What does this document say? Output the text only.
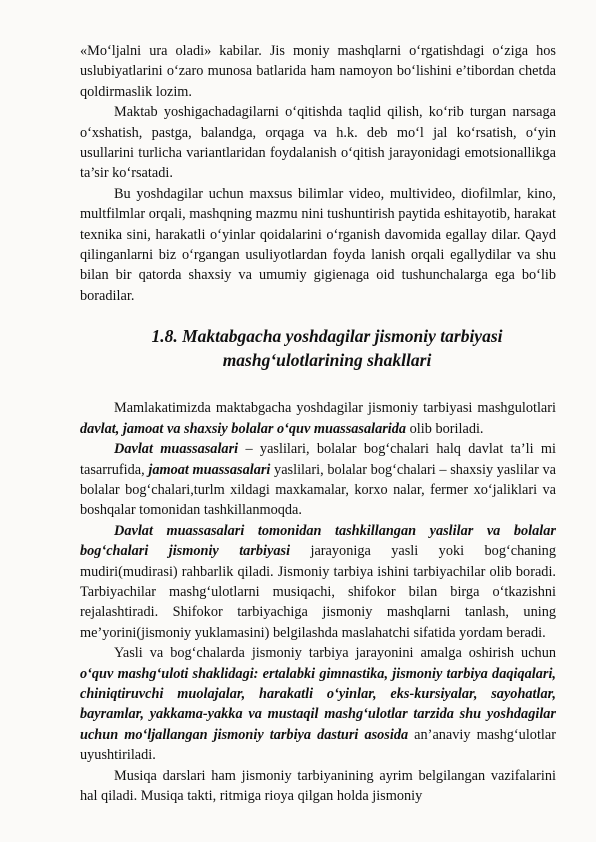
«Mo‘ljalni ura oladi» kabilar. Jis moniy mashqlarni o‘rgatishdagi o‘ziga hos uslubiyatlarini o‘zaro munosa batlarida ham namoyon bo‘lishini e’tibordan chetda qoldirmaslik lozim.

Maktab yoshigachadagilarni o‘qitishda taqlid qilish, ko‘rib turgan narsaga o‘xshatish, pastga, balandga, orqaga va h.k. deb mo‘l jal ko‘rsatish, o‘yin usullarini turlicha variantlaridan foydalanish o‘qitish jarayonidagi emotsionallikga ta’sir ko‘rsatadi.

Bu yoshdagilar uchun maxsus bilimlar video, multivideo, diofilmlar, kino, multfilmlar orqali, mashqning mazmu nini tushuntirish paytida eshitayotib, harakat texnika sini, harakatli o‘yinlar qoidalarini o‘rganish davomida egallay dilar. Qayd qilinganlarni biz o‘rgangan usuliyotlardan foyda lanish orqali egallydilar va shu bilan bir qatorda shaxsiy va umumiy gigienaga oid tushunchalarga ega bo‘lib boradilar.

1.8. Maktabgacha yoshdagilar jismoniy tarbiyasi
mashg‘ulotlarining shakllari

Mamlakatimizda maktabgacha yoshdagilar jismoniy tarbiyasi mashgulotlari davlat, jamoat va shaxsiy bolalar o‘quv muassasalarida olib boriladi.

Davlat muassasalari – yaslilari, bolalar bog‘chalari halq davlat ta’li mi tasarrufida, jamoat muassasalari yaslilari, bolalar bog‘chalari – shaxsiy yaslilar va bolalar bog‘chalari,turlm xildagi maxkamalar, korxo nalar, fermer xo‘jaliklari va boshqalar tomonidan tashkillanmoqda.

Davlat muassasalari tomonidan tashkillangan yaslilar va bolalar bog‘chalari jismoniy tarbiyasi jarayoniga yasli yoki bog‘chaning mudiri(mudirasi) rahbarlik qiladi. Jismoniy tarbiya ishini tarbiyachilar olib boradi. Tarbiyachilar mashg‘ulotlarni musiqachi, shifokor bilan birga o‘tkazishni rejalashtiradi. Shifokor tarbiyachiga jismoniy mashqlarni tanlash, uning me’yorini(jismoniy yuklamasini) belgilashda maslahatchi sifatida yordam beradi.

Yasli va bog‘chalarda jismoniy tarbiya jarayonini amalga oshirish uchun o‘quv mashg‘uloti shaklidagi: ertalabki gimnastika, jismoniy tarbiya daqiqalari, chiniqtiruvchi muolajalar, harakatli o‘yinlar, eks-kursiyalar, sayohatlar, bayramlar, yakkama-yakka va mustaqil mashg‘ulotlar tarzida shu yoshdagilar uchun mo‘ljallangan jismoniy tarbiya dasturi asosida an’anaviy mashg‘ulotlar uyushtiriladi.

Musiqa darslari ham jismoniy tarbiyanining ayrim belgilangan vazifalarini hal qiladi. Musiqa takti, ritmiga rioya qilgan holda jismoniy
